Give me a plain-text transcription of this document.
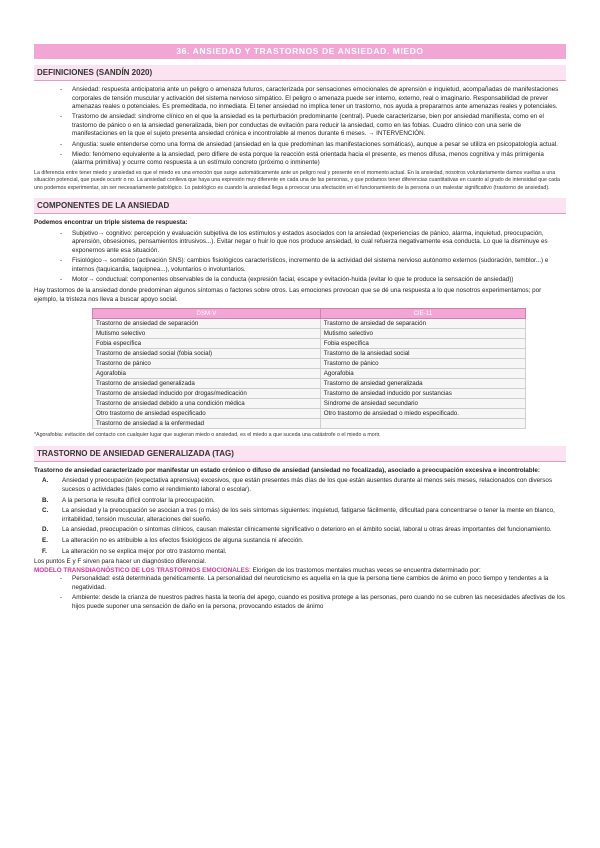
36. ANSIEDAD Y TRASTORNOS DE ANSIEDAD. MIEDO
DEFINICIONES (SANDÍN 2020)
- Ansiedad: respuesta anticipatoria ante un peligro o amenaza futuros, caracterizada por sensaciones emocionales de aprensión e inquietud, acompañadas de manifestaciones corporales de tensión muscular y activación del sistema nervioso simpático. El peligro o amenaza puede ser interno, externo, real o imaginario. Responsabilidad de prever amenazas reales o potenciales. Es premeditada, no inmediata. El tener ansiedad no implica tener un trastorno, nos ayuda a prepararnos ante amenazas reales y potenciales.
- Trastorno de ansiedad: síndrome clínico en el que la ansiedad es la perturbación predominante (central). Puede caracterizarse, bien por ansiedad manifiesta, como en el trastorno de pánico o en la ansiedad generalizada, bien por conductas de evitación para reducir la ansiedad, como en las fobias. Cuadro clínico con una serie de manifestaciones en la que el sujeto presenta ansiedad crónica e incontrolable al menos durante 6 meses. → INTERVENCIÓN.
- Angustia: suele entenderse como una forma de ansiedad (ansiedad en la que predominan las manifestaciones somáticas), aunque a pesar se utiliza en psicopatología actual.
- Miedo: fenómeno equivalente a la ansiedad, pero difiere de esta porque la reacción está orientada hacia el presente, es menos difusa, menos cognitiva y más primigenia (alarma primitiva) y ocurre como respuesta a un estímulo concreto (próximo o inminente)
La diferencia entre tener miedo y ansiedad es que el miedo es una emoción que surge automáticamente ante un peligro real y presente en el momento actual. En la ansiedad, nosotros voluntariamente damos vueltas a una situación potencial, que puede ocurrir o no. La ansiedad conlleva que haya una expresión muy diferente en cada una de las personas, y que podamos tener diferencias cuantitativas en cuanto al grado de intensidad que cada uno podemos experimentar, sin ser necesariamente patológico. Lo patológico es cuando la ansiedad llega a provocar una afectación en el funcionamiento de la persona o un malestar significativo (trastorno de ansiedad).
COMPONENTES DE LA ANSIEDAD
Podemos encontrar un triple sistema de respuesta:
- Subjetivo→ cognitivo: percepción y evaluación subjetiva de los estímulos y estados asociados con la ansiedad (experiencias de pánico, alarma, inquietud, preocupación, aprensión, obsesiones, pensamientos intrusivos...). Evitar negar o huir lo que nos produce ansiedad, lo cual refuerza negativamente esa conducta. Lo que la disminuye es exponernos ante esa situación.
- Fisiológico→ somático (activación SNS): cambios fisiológicos característicos, incremento de la actividad del sistema nervioso autónomo externos (sudoración, temblor...) e internos (taquicardia, taquipnea...), voluntarios o involuntarios.
- Motor→ conductual: componentes observables de la conducta (expresión facial, escape y evitación-huida (evitar lo que te produce la sensación de ansiedad))
Hay trastornos de la ansiedad donde predominan algunos síntomas o factores sobre otros. Las emociones provocan que se dé una respuesta a lo que nosotros experimentamos; por ejemplo, la tristeza nos lleva a buscar apoyo social.
DSM-V	CIE-11
Trastorno de ansiedad de separación	Trastorno de ansiedad de separación
Mutismo selectivo	Mutismo selectivo
Fobia específica	Fobia específica
Trastorno de ansiedad social (fobia social)	Trastorno de la ansiedad social
Trastorno de pánico	Trastorno de pánico
Agorafobia	Agorafobia
Trastorno de ansiedad generalizada	Trastorno de ansiedad generalizada
Trastorno de ansiedad inducido por drogas/medicación	Trastorno de ansiedad inducido por sustancias
Trastorno de ansiedad debido a una condición médica	Síndrome de ansiedad secundario
Otro trastorno de ansiedad especificado	Otro trastorno de ansiedad o miedo especificado.
Trastorno de ansiedad a la enfermedad	
*Agorafobia: evitación del contacto con cualquier lugar que sugieran miedo o ansiedad, es el miedo a que suceda una catástrofe o el miedo a morir.
TRASTORNO DE ANSIEDAD GENERALIZADA (TAG)
Trastorno de ansiedad caracterizado por manifestar un estado crónico o difuso de ansiedad (ansiedad no focalizada), asociado a preocupación excesiva e incontrolable:
A. Ansiedad y preocupación (expectativa aprensiva) excesivos, que están presentes más días de los que están ausentes durante al menos seis meses, relacionados con diversos sucesos o actividades (tales como el rendimiento laboral o escolar).
B. A la persona le resulta difícil controlar la preocupación.
C. La ansiedad y la preocupación se asocian a tres (o más) de los seis síntomas siguientes: inquietud, fatigarse fácilmente, dificultad para concentrarse o tener la mente en blanco, irritabilidad, tensión muscular, alteraciones del sueño.
D. La ansiedad, preocupación o síntomas clínicos, causan malestar clínicamente significativo o deterioro en el ámbito social, laboral u otras áreas importantes del funcionamiento.
E. La alteración no es atribuible a los efectos fisiológicos de alguna sustancia ni afección.
F. La alteración no se explica mejor por otro trastorno mental.
Los puntos E y F sirven para hacer un diagnóstico diferencial.
MODELO TRANSDIAGNÓSTICO DE LOS TRASTORNOS EMOCIONALES: Elorigen de los trastornos mentales muchas veces se encuentra determinado por:
- Personalidad: está determinada genéticamente. La personalidad del neuroticismo es aquella en la que la persona tiene cambios de ánimo en poco tiempo y tendentes a la negatividad.
- Ambiente: desde la crianza de nuestros padres hasta la teoría del apego, cuando es positiva protege a las personas, pero cuando no se cubren las necesidades afectivas de los hijos puede suponer una sensación de daño en la persona, provocando estados de ánimo
